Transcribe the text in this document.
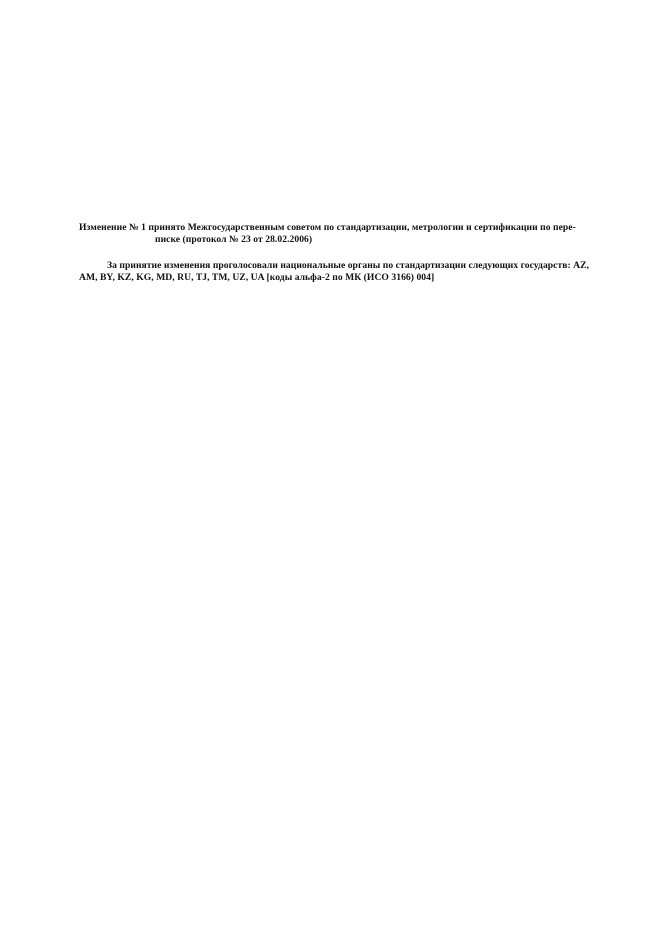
Изменение № 1 принято Межгосударственным советом по стандартизации, метрологии и сертификации по пере-
писке (протокол № 23 от 28.02.2006)
За принятие изменения проголосовали национальные органы по стандартизации следующих государств: AZ,
AM, BY, KZ, KG, MD, RU, TJ, TM, UZ, UA [коды альфа-2 по МК (ИСО 3166) 004]
